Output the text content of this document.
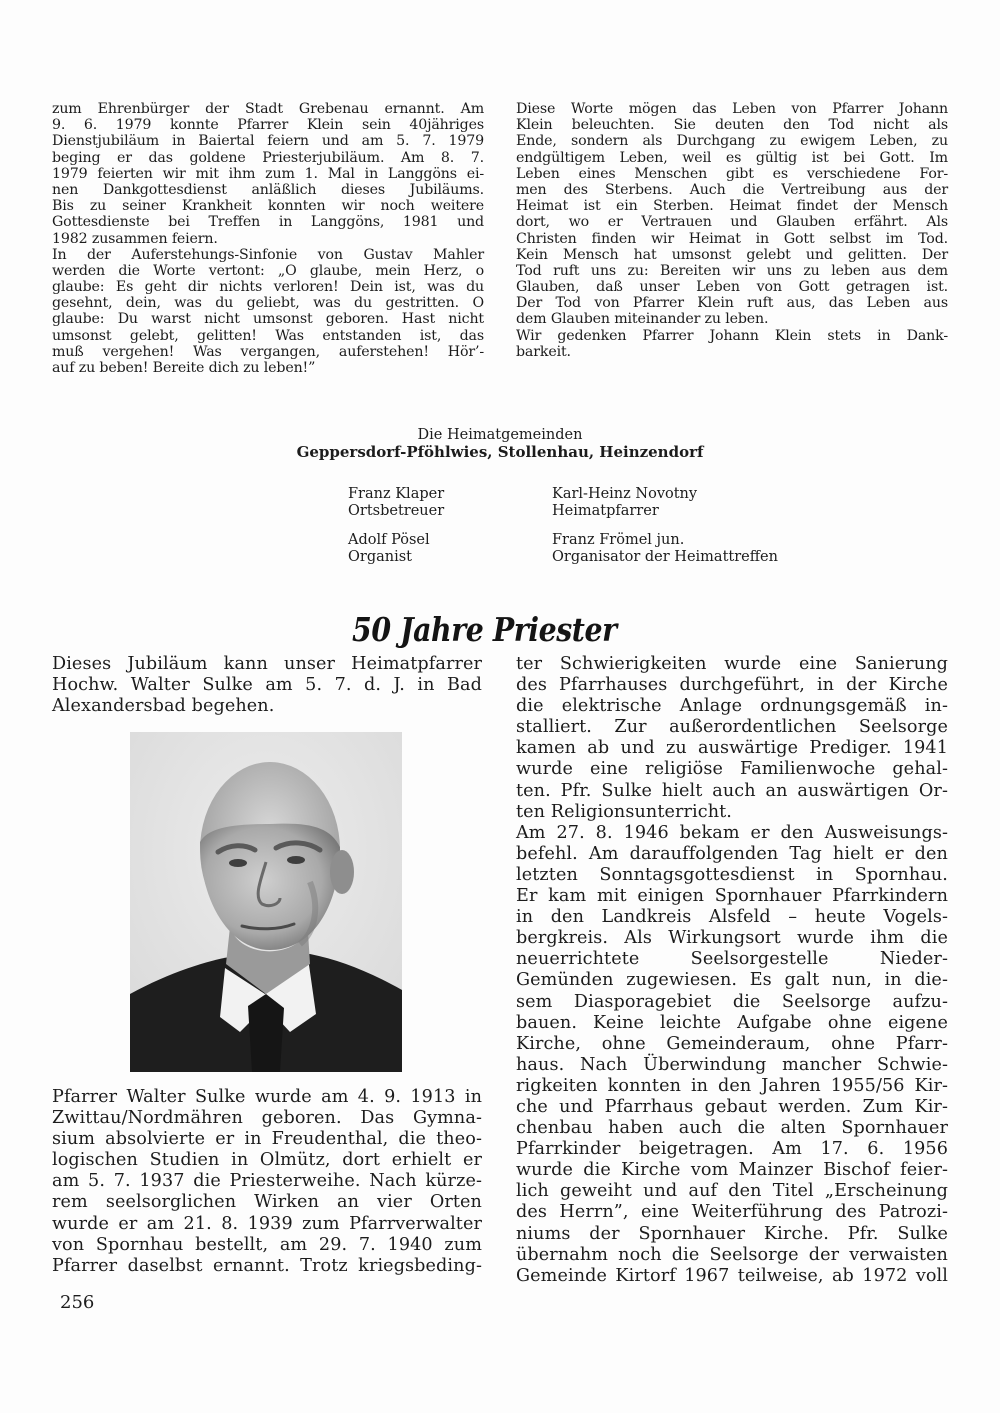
zum Ehrenbürger der Stadt Grebenau ernannt. Am
9. 6. 1979 konnte Pfarrer Klein sein 40jähriges
Dienstjubiläum in Baiertal feiern und am 5. 7. 1979
beging er das goldene Priesterjubiläum. Am 8. 7.
1979 feierten wir mit ihm zum 1. Mal in Langgöns ei-
nen Dankgottesdienst anläßlich dieses Jubiläums.
Bis zu seiner Krankheit konnten wir noch weitere
Gottesdienste bei Treffen in Langgöns, 1981 und
1982 zusammen feiern.
In der Auferstehungs-Sinfonie von Gustav Mahler
werden die Worte vertont: „O glaube, mein Herz, o
glaube: Es geht dir nichts verloren! Dein ist, was du
gesehnt, dein, was du geliebt, was du gestritten. O
glaube: Du warst nicht umsonst geboren. Hast nicht
umsonst gelebt, gelitten! Was entstanden ist, das
muß vergehen! Was vergangen, auferstehen! Hör’-
auf zu beben! Bereite dich zu leben!”
Diese Worte mögen das Leben von Pfarrer Johann
Klein beleuchten. Sie deuten den Tod nicht als
Ende, sondern als Durchgang zu ewigem Leben, zu
endgültigem Leben, weil es gültig ist bei Gott. Im
Leben eines Menschen gibt es verschiedene For-
men des Sterbens. Auch die Vertreibung aus der
Heimat ist ein Sterben. Heimat findet der Mensch
dort, wo er Vertrauen und Glauben erfährt. Als
Christen finden wir Heimat in Gott selbst im Tod.
Kein Mensch hat umsonst gelebt und gelitten. Der
Tod ruft uns zu: Bereiten wir uns zu leben aus dem
Glauben, daß unser Leben von Gott getragen ist.
Der Tod von Pfarrer Klein ruft aus, das Leben aus
dem Glauben miteinander zu leben.
Wir gedenken Pfarrer Johann Klein stets in Dank-
barkeit.
Die Heimatgemeinden
Geppersdorf-Pföhlwies, Stollenhau, Heinzendorf
Franz Klaper
Ortsbetreuer
Karl-Heinz Novotny
Heimatpfarrer
Adolf Pösel
Organist
Franz Frömel jun.
Organisator der Heimattreffen
50 Jahre Priester
Dieses Jubiläum kann unser Heimatpfarrer
Hochw. Walter Sulke am 5. 7. d. J. in Bad
Alexandersbad begehen.
Pfarrer Walter Sulke wurde am 4. 9. 1913 in
Zwittau/Nordmähren geboren. Das Gymna-
sium absolvierte er in Freudenthal, die theo-
logischen Studien in Olmütz, dort erhielt er
am 5. 7. 1937 die Priesterweihe. Nach kürze-
rem seelsorglichen Wirken an vier Orten
wurde er am 21. 8. 1939 zum Pfarrverwalter
von Spornhau bestellt, am 29. 7. 1940 zum
Pfarrer daselbst ernannt. Trotz kriegsbeding-
ter Schwierigkeiten wurde eine Sanierung
des Pfarrhauses durchgeführt, in der Kirche
die elektrische Anlage ordnungsgemäß in-
stalliert. Zur außerordentlichen Seelsorge
kamen ab und zu auswärtige Prediger. 1941
wurde eine religiöse Familienwoche gehal-
ten. Pfr. Sulke hielt auch an auswärtigen Or-
ten Religionsunterricht.
Am 27. 8. 1946 bekam er den Ausweisungs-
befehl. Am darauffolgenden Tag hielt er den
letzten Sonntagsgottesdienst in Spornhau.
Er kam mit einigen Spornhauer Pfarrkindern
in den Landkreis Alsfeld – heute Vogels-
bergkreis. Als Wirkungsort wurde ihm die
neuerrichtete Seelsorgestelle Nieder-
Gemünden zugewiesen. Es galt nun, in die-
sem Diasporagebiet die Seelsorge aufzu-
bauen. Keine leichte Aufgabe ohne eigene
Kirche, ohne Gemeinderaum, ohne Pfarr-
haus. Nach Überwindung mancher Schwie-
rigkeiten konnten in den Jahren 1955/56 Kir-
che und Pfarrhaus gebaut werden. Zum Kir-
chenbau haben auch die alten Spornhauer
Pfarrkinder beigetragen. Am 17. 6. 1956
wurde die Kirche vom Mainzer Bischof feier-
lich geweiht und auf den Titel „Erscheinung
des Herrn”, eine Weiterführung des Patrozi-
niums der Spornhauer Kirche. Pfr. Sulke
übernahm noch die Seelsorge der verwaisten
Gemeinde Kirtorf 1967 teilweise, ab 1972 voll
256
